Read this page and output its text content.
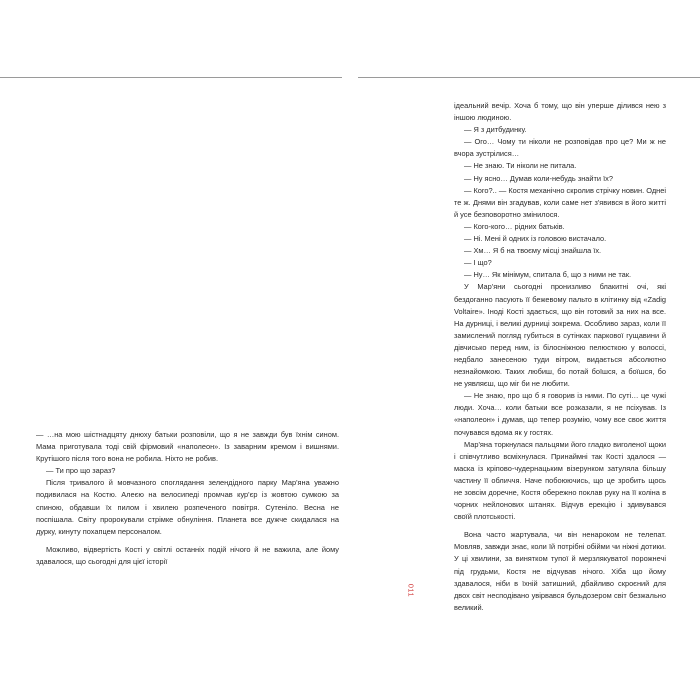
— …на мою шістнадцяту днюху батьки розповіли, що я не завжди був їхнім сином. Мама приготувала тоді свій фірмовий «наполеон». Із заварним кремом і вишнями. Крутішого після того вона не робила. Ніхто не робив.

— Ти про що зараз?

Після тривалого й мовчазного споглядання зелендідного парку Мар'яна уважно подивилася на Костю. Алеєю на велосипеді промчав кур'єр із жовтою сумкою за спиною, обдавши їх пилом і хвилею розпеченого повітря. Сутеніло. Весна не поспішала. Світу пророкували стрімке обнуління. Планета все дужче скидалася на дурку, кинуту похапцем персоналом.

Можливо, відвертість Кості у світлі останніх подій нічого й не важила, але йому здавалося, що сьогодні для цієї історії

ідеальний вечір. Хоча б тому, що він уперше ділився нею з іншою людиною.

— Я з дитбудинку.

— Ого… Чому ти ніколи не розповідав про це? Ми ж не вчора зустрілися…

— Не знаю. Ти ніколи не питала.

— Ну ясно… Думав коли-небудь знайти їх?

— Кого?.. — Костя механічно скролив стрічку новин. Однеі те ж. Днями він згадував, коли саме нет з'явився в його житті й усе безповоротно змінилося.

— Кого-кого… рідних батьків.

— Ні. Мені й одних із головою вистачало.

— Хм… Я б на твоєму місці знайшла їх.

— І що?

— Ну… Як мінімум, спитала б, що з ними не так.

У Мар'яни сьогодні пронизливо блакитні очі, які бездоганно пасують її бежевому пальто в клітинку від «Zadig Voltaire». Іноді Кості здається, що він готовий за них на все. На дурниці, і великі дурниці зокрема. Особливо зараз, коли її замислений погляд губиться в сутінках паркової гущавини й дівчисько перед ним, із білосніжною пелюсткою у волоссі, недбало занесеною туди вітром, видається абсолютно незнайомкою. Таких любиш, бо потай боїшся, а боїшся, бо не уявляєш, що міг би не любити.

— Не знаю, про що б я говорив із ними. По суті… це чужі люди. Хоча… коли батьки все розказали, я не псіхував. Із «наполеон» і думав, що тепер розумію, чому все своє життя почувався вдома як у гостях.

Мар'яна торкнулася пальцями його гладко виголеної щоки і співчутливо всміхнулася. Принаймні так Кості здалося — маска із кріпово-чудернацьким візерунком затуляла більшу частину її обличчя. Наче побоюючись, що це зробить щось не зовсім доречне, Костя обережно поклав руку на її коліна в чорних нейлонових штанях. Відчув ерекцію і здивувався своїй плотськості.

Вона часто жартувала, чи він ненароком не телепат. Мовляв, завжди знає, коли їй потрібні обійми чи ніжні дотики. У ці хвилини, за винятком тупої й мерзлякуватої порожнечі під грудьми, Костя не відчував нічого. Хіба що йому здавалося, ніби в їхній затишний, дбайливо скроєний для двох світ несподівано увірвався бульдозером світ безжально великий.

011
